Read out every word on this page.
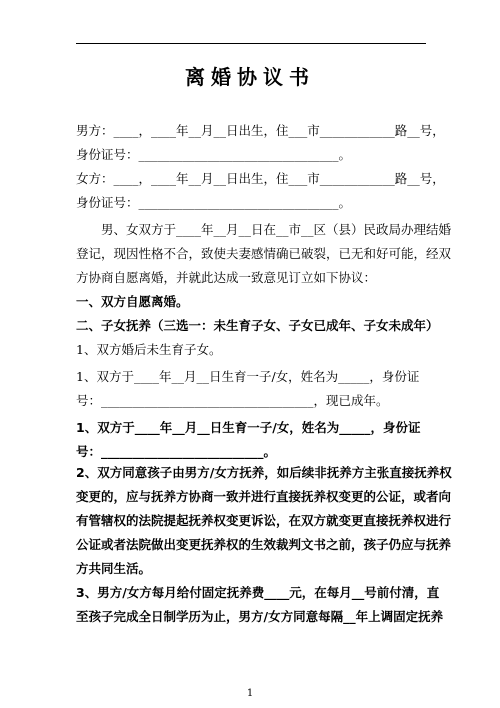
离婚协议书
男方：____，____年__月__日出生，住___市____________路__号，
身份证号：________________________________。
女方：____，____年__月__日出生，住___市____________路__号，
身份证号：________________________________。
　　男、女双方于____年__月__日在__市__区（县）民政局办理结婚
登记，现因性格不合，致使夫妻感情确已破裂，已无和好可能，经双
方协商自愿离婚，并就此达成一致意见订立如下协议：
一、双方自愿离婚。
二、子女抚养（三选一：未生育子女、子女已成年、子女未成年）
1、双方婚后未生育子女。
1、双方于____年__月__日生育一子/女，姓名为_____，身份证
号：__________________________________，现已成年。
1、双方于____年__月__日生育一子/女，姓名为_____，身份证
号：__________________________。
2、双方同意孩子由男方/女方抚养，如后续非抚养方主张直接抚养权
变更的，应与抚养方协商一致并进行直接抚养权变更的公证，或者向
有管辖权的法院提起抚养权变更诉讼，在双方就变更直接抚养权进行
公证或者法院做出变更抚养权的生效裁判文书之前，孩子仍应与抚养
方共同生活。
3、男方/女方每月给付固定抚养费____元，在每月__号前付清，直
至孩子完成全日制学历为止，男方/女方同意每隔__年上调固定抚养
1
